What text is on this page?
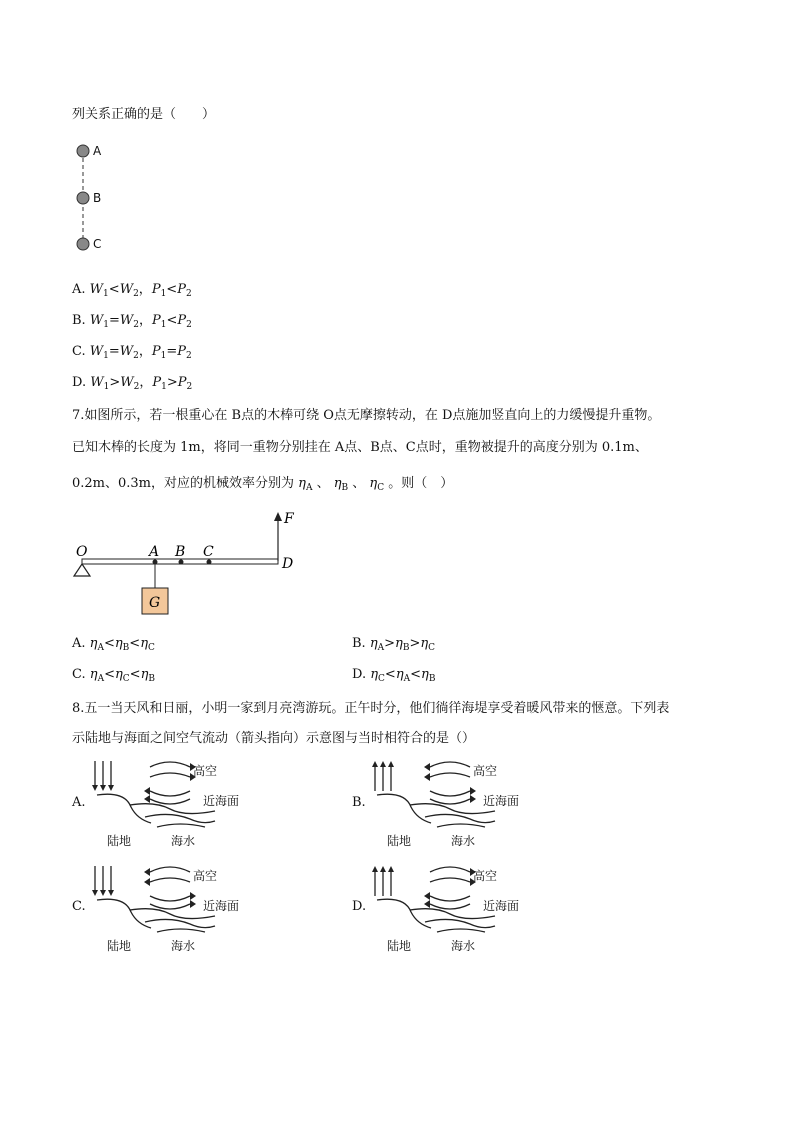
列关系正确的是（　　）
A
B
C
A. $W_1<W_2$，$P_1<P_2$
B. $W_1=W_2$，$P_1<P_2$
C. $W_1=W_2$，$P_1=P_2$
D. $W_1>W_2$，$P_1>P_2$
7.如图所示，若一根重心在 B点的木棒可绕 O点无摩擦转动，在 D点施加竖直向上的力缓慢提升重物。
已知木棒的长度为 1m，将同一重物分别挂在 A点、B点、C点时，重物被提升的高度分别为 0.1m、
0.2m、0.3m，对应的机械效率分别为 $\eta_A$ 、 $\eta_B$ 、 $\eta_C$ 。则（　）
O	A B C
D
F
G
A. $\eta_A<\eta_B<\eta_C$	B. $\eta_A>\eta_B>\eta_C$
C. $\eta_A<\eta_C<\eta_B$	D. $\eta_C<\eta_A<\eta_B$
8.五一当天风和日丽，小明一家到月亮湾游玩。正午时分，他们徜徉海堤享受着暖风带来的惬意。下列表
示陆地与海面之间空气流动（箭头指向）示意图与当时相符合的是（）
A.
高空
近海面
陆地	海水
B.
高空
近海面
陆地	海水
C.
高空
近海面
陆地	海水
D.
高空
近海面
陆地	海水
